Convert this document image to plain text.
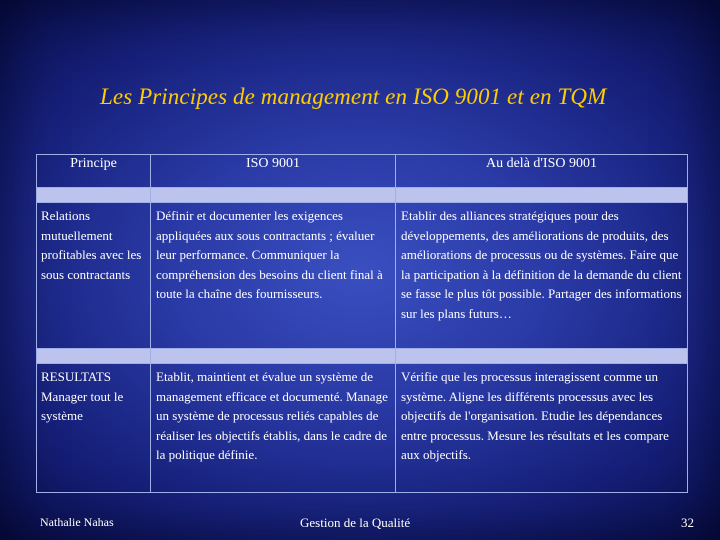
Les Principes de management en ISO 9001 et en TQM
Principe	ISO 9001	Au delà d'ISO 9001

Relations mutuellement profitables avec les sous contractants	Définir et documenter les exigences appliquées aux sous contractants ; évaluer leur performance. Communiquer la compréhension des besoins du client final à toute la chaîne des fournisseurs.	Etablir des alliances stratégiques pour des développements, des améliorations de produits, des améliorations de processus ou de systèmes. Faire que la participation à la définition de la demande du client se fasse le plus tôt possible. Partager des informations sur les plans futurs…

RESULTATS Manager tout le système	Etablit, maintient et évalue un système de management efficace et documenté. Manage un système de processus reliés capables de réaliser les objectifs établis, dans le cadre de la politique définie.	Vérifie que les processus interagissent comme un système. Aligne les différents processus avec les objectifs de l'organisation. Etudie les dépendances entre processus. Mesure les résultats et les compare aux objectifs.
Nathalie Nahas	Gestion de la Qualité	32
